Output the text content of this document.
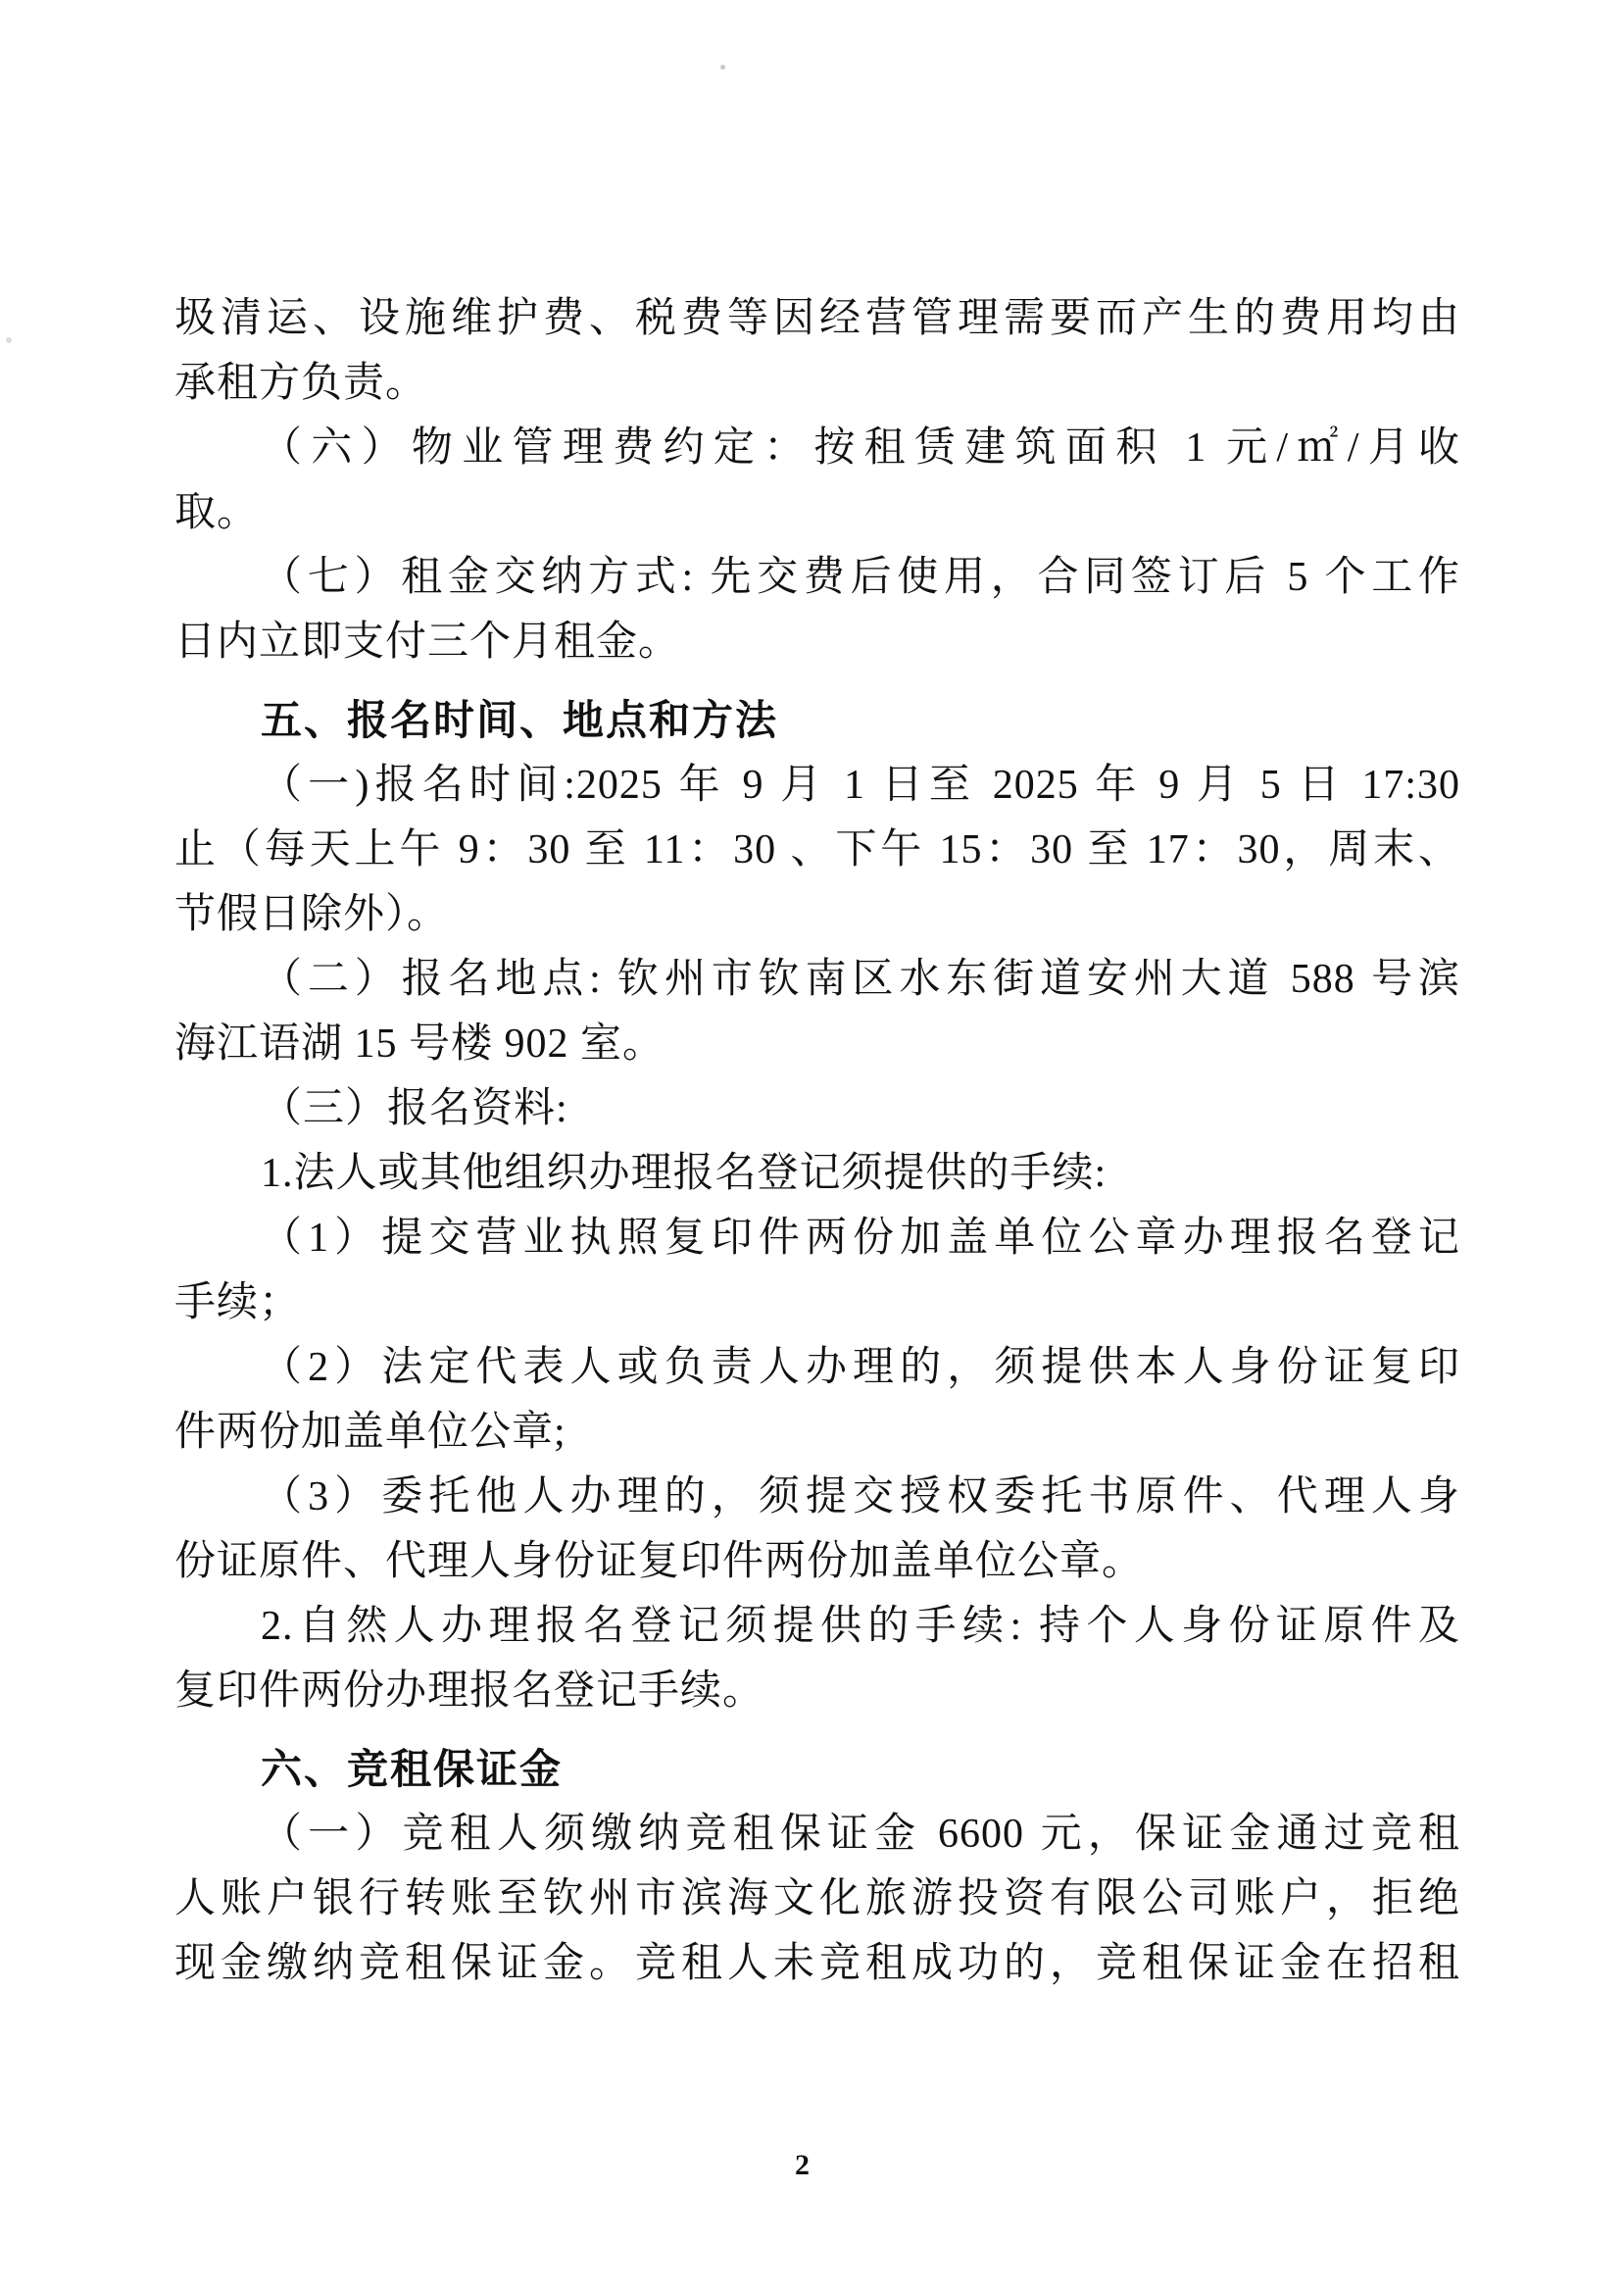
圾清运、设施维护费、税费等因经营管理需要而产生的费用均由
承租方负责。
（六）物业管理费约定：按租赁建筑面积 1 元/㎡/月收
取。
（七）租金交纳方式: 先交费后使用，合同签订后 5 个工作
日内立即支付三个月租金。
五、报名时间、地点和方法
（一)报名时间:2025 年 9 月 1 日至 2025 年 9 月 5 日 17:30
止（每天上午 9：30 至 11：30 、下午 15：30 至 17：30，周末、
节假日除外）。
（二）报名地点: 钦州市钦南区水东街道安州大道 588 号滨
海江语湖 15 号楼 902 室。
（三）报名资料:
1.法人或其他组织办理报名登记须提供的手续:
（1）提交营业执照复印件两份加盖单位公章办理报名登记
手续；
（2）法定代表人或负责人办理的，须提供本人身份证复印
件两份加盖单位公章;
（3）委托他人办理的，须提交授权委托书原件、代理人身
份证原件、代理人身份证复印件两份加盖单位公章。
2.自然人办理报名登记须提供的手续: 持个人身份证原件及
复印件两份办理报名登记手续。
六、竞租保证金
（一）竞租人须缴纳竞租保证金 6600 元，保证金通过竞租
人账户银行转账至钦州市滨海文化旅游投资有限公司账户，拒绝
现金缴纳竞租保证金。竞租人未竞租成功的，竞租保证金在招租
2
